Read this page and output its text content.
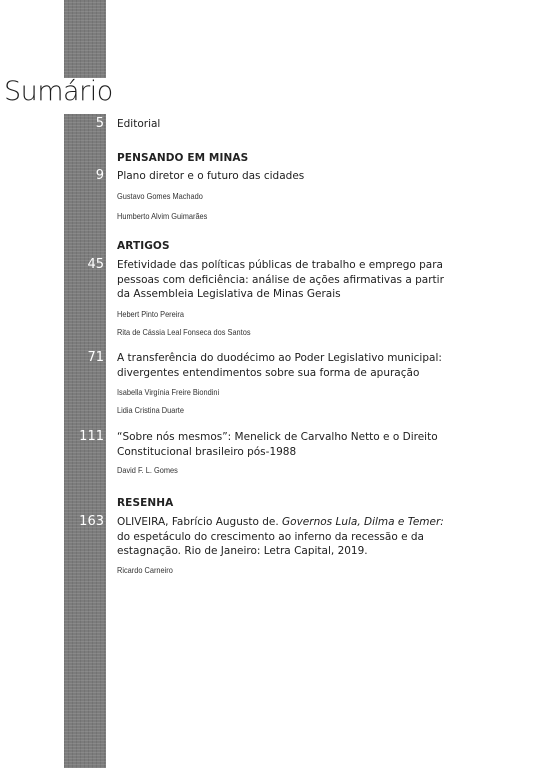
Sumário
5 Editorial
PENSANDO EM MINAS
9 Plano diretor e o futuro das cidades
Gustavo Gomes Machado
Humberto Alvim Guimarães
ARTIGOS
45 Efetividade das políticas públicas de trabalho e emprego para
pessoas com deficiência: análise de ações afirmativas a partir
da Assembleia Legislativa de Minas Gerais
Hebert Pinto Pereira
Rita de Cássia Leal Fonseca dos Santos
71 A transferência do duodécimo ao Poder Legislativo municipal:
divergentes entendimentos sobre sua forma de apuração
Isabella Virgínia Freire Biondini
Lidia Cristina Duarte
111 “Sobre nós mesmos”: Menelick de Carvalho Netto e o Direito
Constitucional brasileiro pós-1988
David F. L. Gomes
RESENHA
163 OLIVEIRA, Fabrício Augusto de. Governos Lula, Dilma e Temer:
do espetáculo do crescimento ao inferno da recessão e da
estagnação. Rio de Janeiro: Letra Capital, 2019.
Ricardo Carneiro
